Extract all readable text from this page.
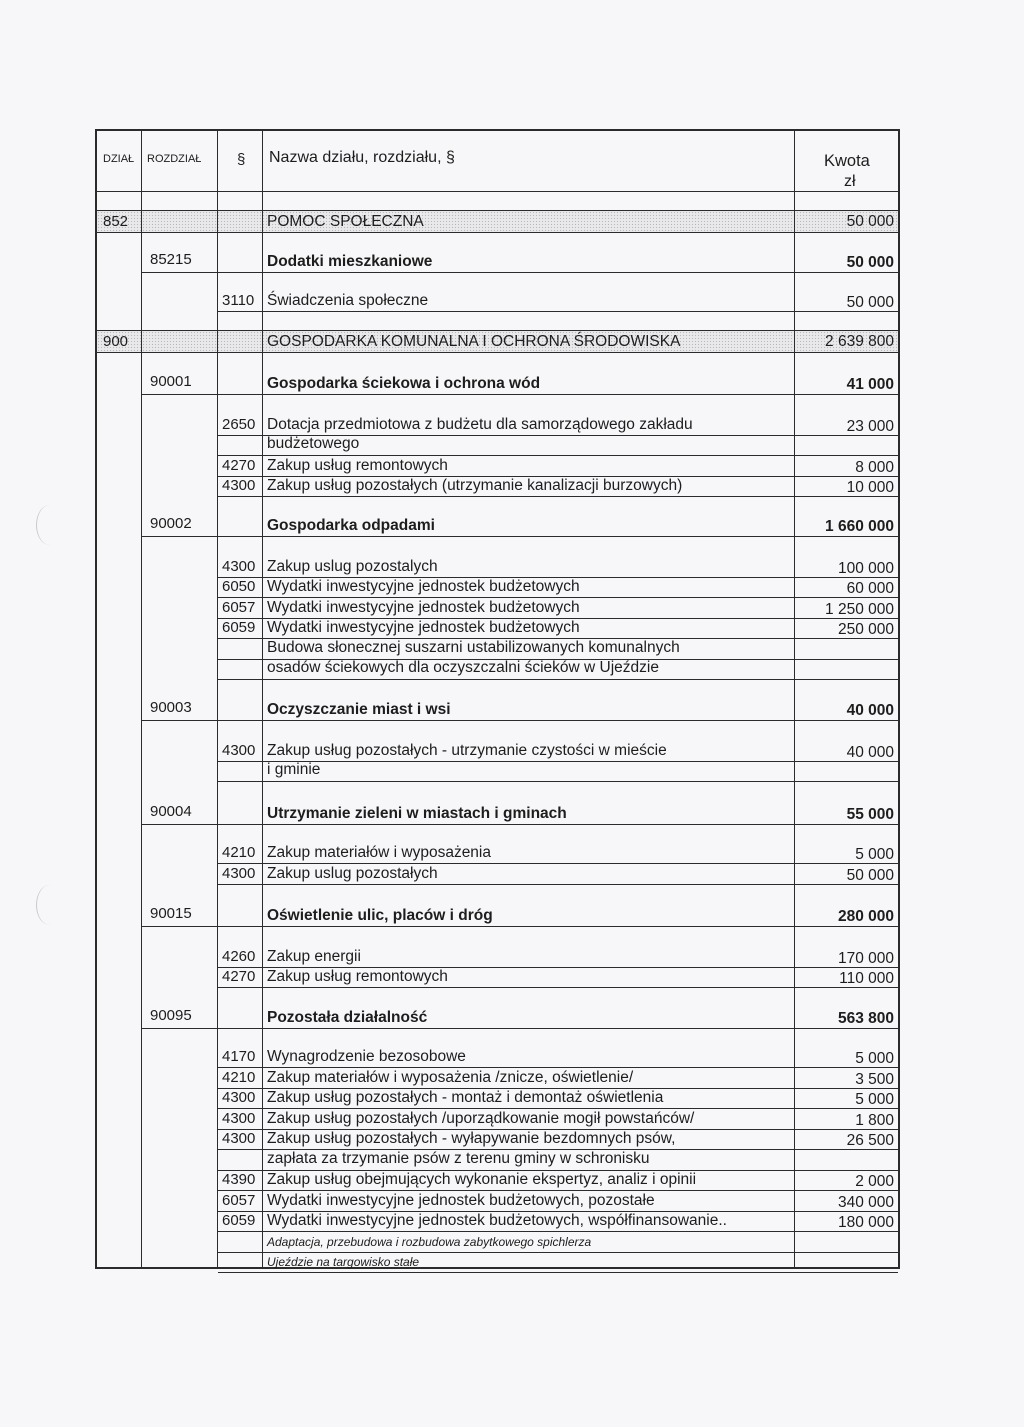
DZIAŁ ROZDZIAŁ § Nazwa działu, rozdziału, §	Kwota
zł
852	POMOC SPOŁECZNA	50 000
85215	Dodatki mieszkaniowe	50 000
3110 Świadczenia społeczne	50 000
900	GOSPODARKA KOMUNALNA I OCHRONA ŚRODOWISKA	2 639 800
90001	Gospodarka ściekowa i ochrona wód	41 000
2650 Dotacja przedmiotowa z budżetu dla samorządowego zakładu	23 000
budżetowego
4270 Zakup usług remontowych	8 000
4300 Zakup usług pozostałych (utrzymanie kanalizacji burzowych)	10 000
90002	Gospodarka odpadami	1 660 000
4300 Zakup uslug pozostalych	100 000
6050 Wydatki inwestycyjne jednostek budżetowych	60 000
6057 Wydatki inwestycyjne jednostek budżetowych	1 250 000
6059 Wydatki inwestycyjne jednostek budżetowych	250 000
Budowa słonecznej suszarni ustabilizowanych komunalnych
osadów ściekowych dla oczyszczalni ścieków w Ujeździe
90003	Oczyszczanie miast i wsi	40 000
4300 Zakup usług pozostałych - utrzymanie czystości w mieście	40 000
i gminie
90004	Utrzymanie zieleni w miastach i gminach	55 000
4210 Zakup materiałów i wyposażenia	5 000
4300 Zakup uslug pozostałych	50 000
90015	Oświetlenie ulic, placów i dróg	280 000
4260 Zakup energii	170 000
4270 Zakup usług remontowych	110 000
90095	Pozostała działalność	563 800
4170 Wynagrodzenie bezosobowe	5 000
4210 Zakup materiałów i wyposażenia /znicze, oświetlenie/	3 500
4300 Zakup usług pozostałych - montaż i demontaż oświetlenia	5 000
4300 Zakup usług pozostałych /uporządkowanie mogił powstańców/	1 800
4300 Zakup usług pozostałych - wyłapywanie bezdomnych psów,	26 500
zapłata za trzymanie psów z terenu gminy w schronisku
4390 Zakup usług obejmujących wykonanie ekspertyz, analiz i opinii	2 000
6057 Wydatki inwestycyjne jednostek budżetowych, pozostałe	340 000
6059 Wydatki inwestycyjne jednostek budżetowych, współfinansowanie..	180 000
Adaptacja, przebudowa i rozbudowa zabytkowego spichlerza
Ujeździe na targowisko stałe
